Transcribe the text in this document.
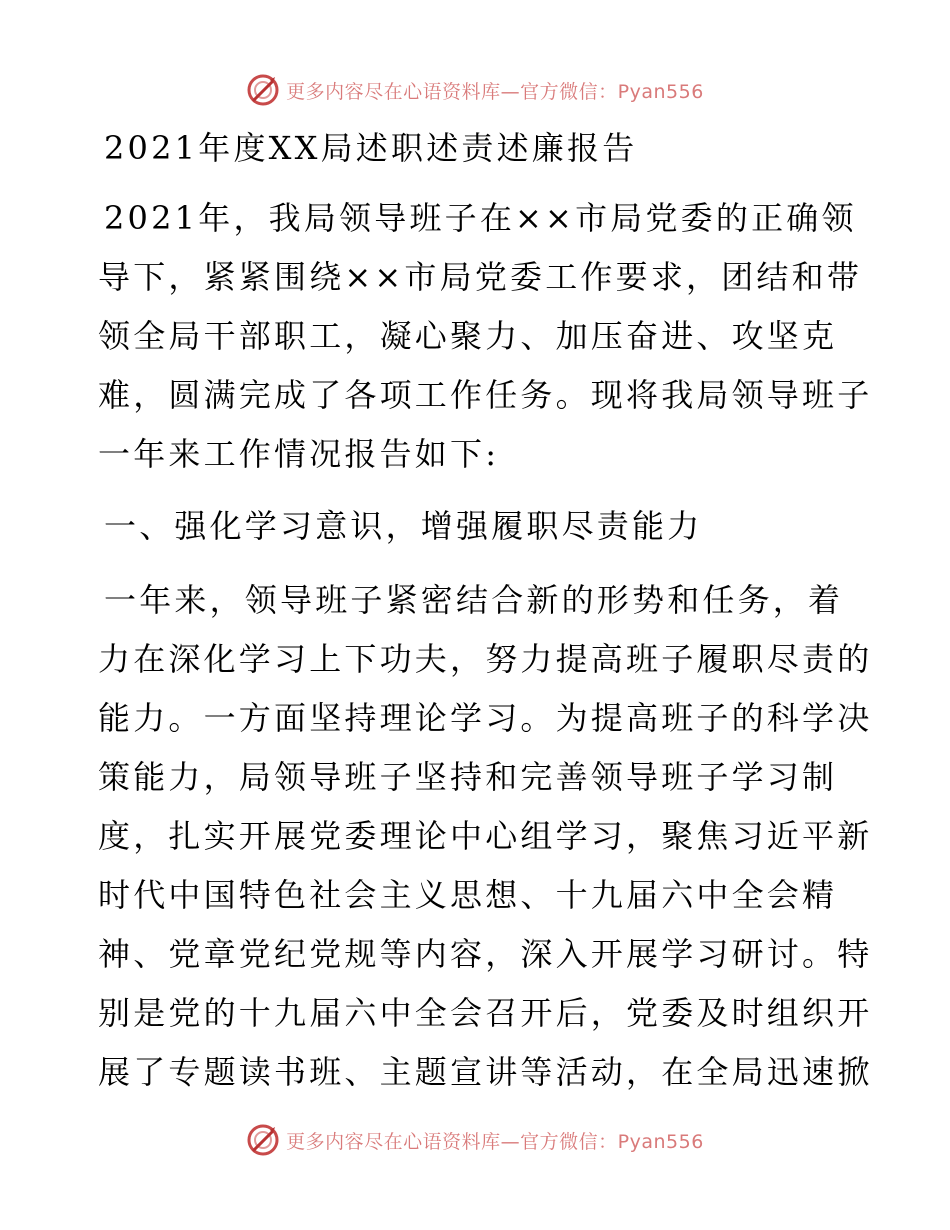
更多内容尽在心语资料库—官方微信：Pyan556
2021年度XX局述职述责述廉报告
2021年，我局领导班子在××市局党委的正确领
导下，紧紧围绕××市局党委工作要求，团结和带
领全局干部职工，凝心聚力、加压奋进、攻坚克
难，圆满完成了各项工作任务。现将我局领导班子
一年来工作情况报告如下:
一、强化学习意识，增强履职尽责能力
一年来，领导班子紧密结合新的形势和任务，着
力在深化学习上下功夫，努力提高班子履职尽责的
能力。一方面坚持理论学习。为提高班子的科学决
策能力，局领导班子坚持和完善领导班子学习制
度，扎实开展党委理论中心组学习，聚焦习近平新
时代中国特色社会主义思想、十九届六中全会精
神、党章党纪党规等内容，深入开展学习研讨。特
别是党的十九届六中全会召开后，党委及时组织开
展了专题读书班、主题宣讲等活动，在全局迅速掀
更多内容尽在心语资料库—官方微信：Pyan556
